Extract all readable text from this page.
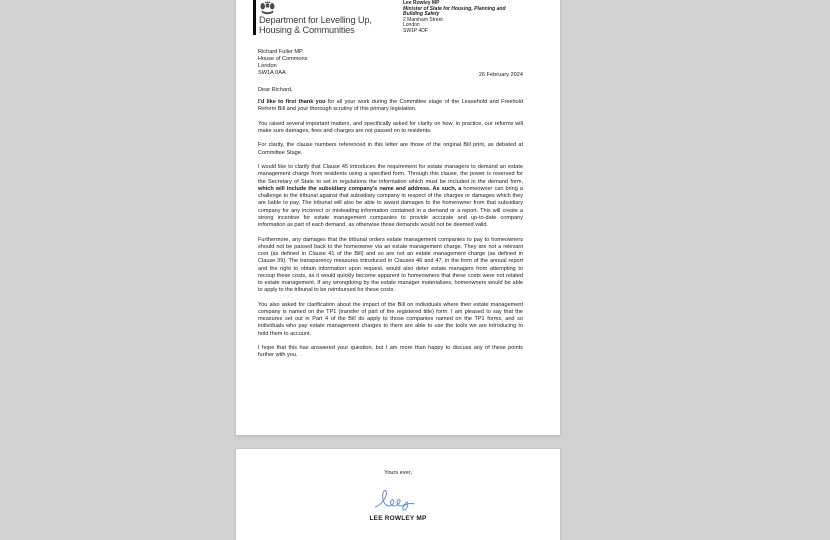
Department for Levelling Up,
Housing & Communities
Lee Rowley MP
Minister of State for Housing, Planning and
Building Safety
2 Marsham Street
London
SW1P 4DF
Richard Fuller MP
House of Commons
London
SW1A 0AA	26 February 2024
Dear Richard,

I'd like to first thank you for all your work during the Committee stage of the Leasehold and Freehold Reform Bill and your thorough scrutiny of this primary legislation.

You raised several important matters, and specifically asked for clarity on how, in practice, our reforms will make sure damages, fees and charges are not passed on to residents.

For clarity, the clause numbers referenced in this letter are those of the original Bill print, as debated at Committee Stage.

I would like to clarify that Clause 45 introduces the requirement for estate managers to demand an estate management charge from residents using a specified form. Through this clause, the power is reserved for the Secretary of State to set in regulations the information which must be included in the demand form, which will include the subsidiary company's name and address. As such, a homeowner can bring a challenge to the tribunal against that subsidiary company in respect of the charges or damages which they are liable to pay. The tribunal will also be able to award damages to the homeowner from that subsidiary company for any incorrect or misleading information contained in a demand or a report. This will create a strong incentive for estate management companies to provide accurate and up-to-date company information as part of each demand, as otherwise those demands would not be deemed valid.

Furthermore, any damages that the tribunal orders estate management companies to pay to homeowners should not be passed back to the homeowner via an estate management charge. They are not a relevant cost (as defined in Clause 41 of the Bill) and so are not an estate management charge (as defined in Clause 39). The transparency measures introduced in Clauses 46 and 47, in the form of the annual report and the right to obtain information upon request, would also deter estate managers from attempting to recoup these costs, as it would quickly become apparent to homeowners that these costs were not related to estate management. If any wrongdoing by the estate manager materialises, homeowners would be able to apply to the tribunal to be reimbursed for these costs.

You also asked for clarification about the impact of the Bill on individuals where their estate management company is named on the TP1 (transfer of part of the registered title) form. I am pleased to say that the measures set out in Part 4 of the Bill do apply to those companies named on the TP1 forms, and so individuals who pay estate management charges to them are able to use the tools we are introducing to hold them to account.

I hope that this has answered your question, but I am more than happy to discuss any of these points further with you.

Yours ever,
LEE ROWLEY MP
